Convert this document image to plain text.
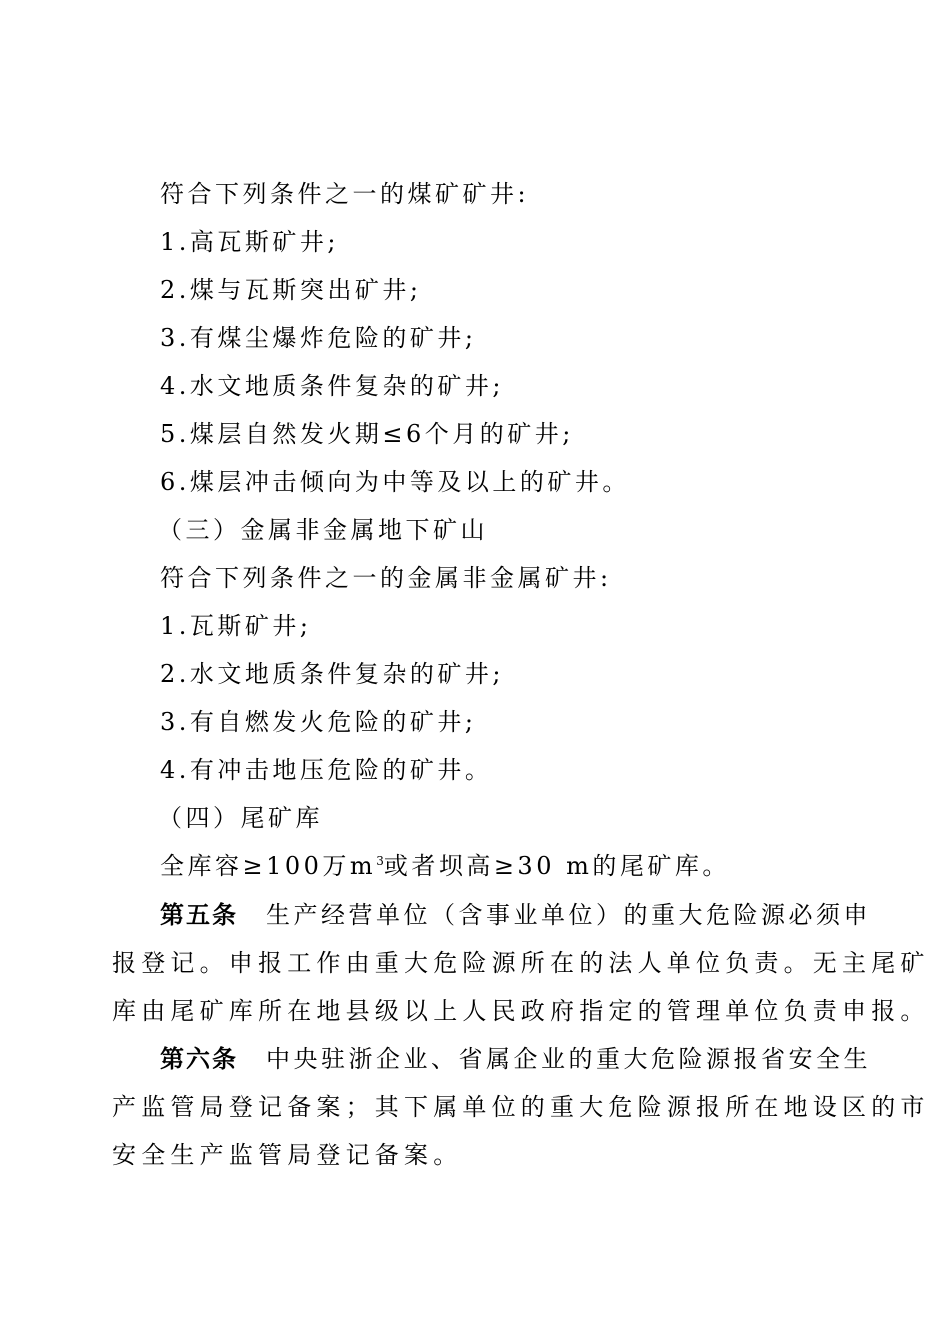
符合下列条件之一的煤矿矿井:
1.高瓦斯矿井;
2.煤与瓦斯突出矿井;
3.有煤尘爆炸危险的矿井;
4.水文地质条件复杂的矿井;
5.煤层自然发火期≤6个月的矿井;
6.煤层冲击倾向为中等及以上的矿井。
（三）金属非金属地下矿山
符合下列条件之一的金属非金属矿井:
1.瓦斯矿井;
2.水文地质条件复杂的矿井;
3.有自燃发火危险的矿井;
4.有冲击地压危险的矿井。
（四）尾矿库
全库容≥100万$m^3$或者坝高≥30 m的尾矿库。
第五条 生产经营单位（含事业单位）的重大危险源必须申
报登记。申报工作由重大危险源所在的法人单位负责。无主尾矿
库由尾矿库所在地县级以上人民政府指定的管理单位负责申报。
第六条 中央驻浙企业、省属企业的重大危险源报省安全生
产监管局登记备案；其下属单位的重大危险源报所在地设区的市
安全生产监管局登记备案。
